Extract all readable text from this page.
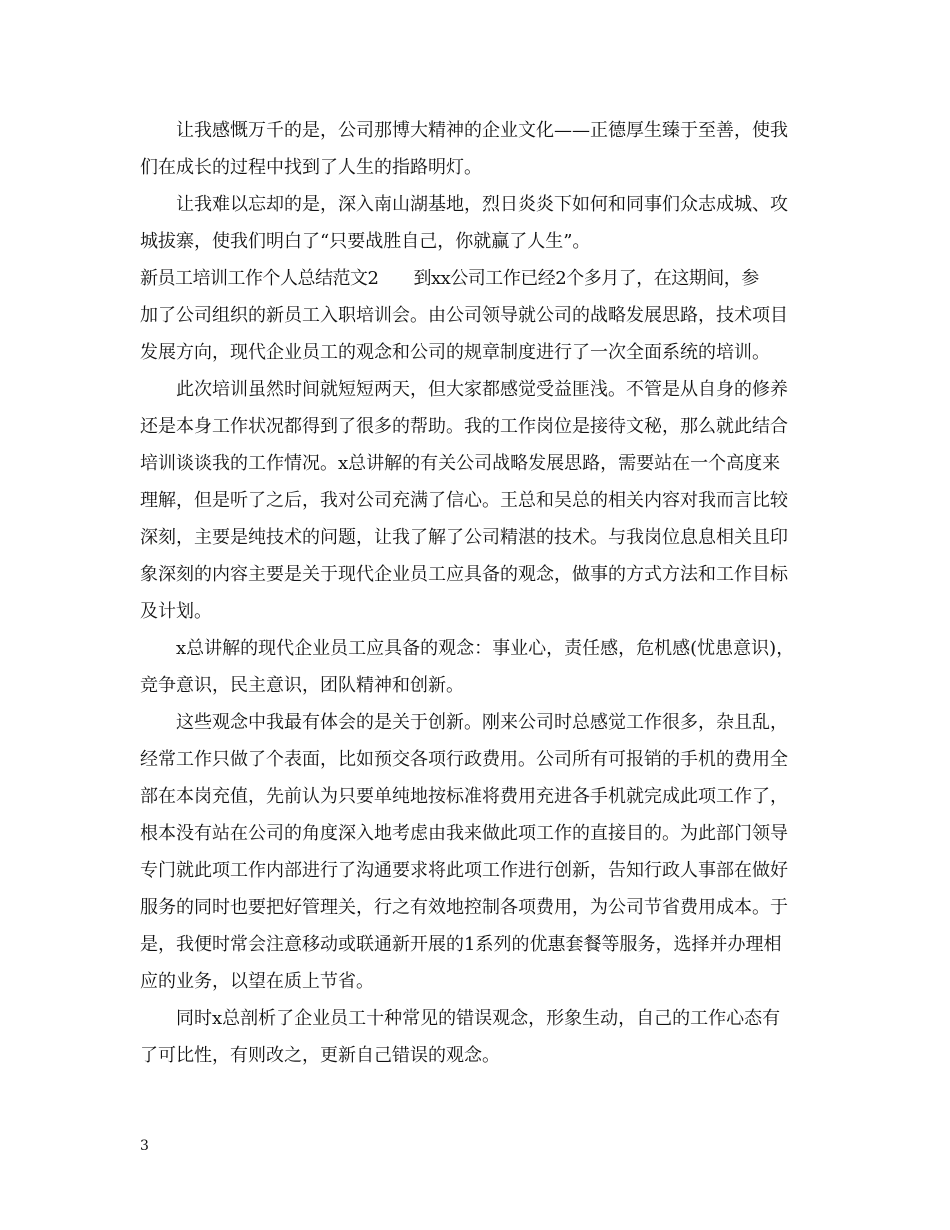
让我感慨万千的是，公司那博大精神的企业文化——正德厚生臻于至善，使我
们在成长的过程中找到了人生的指路明灯。
让我难以忘却的是，深入南山湖基地，烈日炎炎下如何和同事们众志成城、攻
城拔寨，使我们明白了“只要战胜自己，你就赢了人生”。
新员工培训工作个人总结范文2　　到xx公司工作已经2个多月了，在这期间，参
加了公司组织的新员工入职培训会。由公司领导就公司的战略发展思路，技术项目
发展方向，现代企业员工的观念和公司的规章制度进行了一次全面系统的培训。
此次培训虽然时间就短短两天，但大家都感觉受益匪浅。不管是从自身的修养
还是本身工作状况都得到了很多的帮助。我的工作岗位是接待文秘，那么就此结合
培训谈谈我的工作情况。x总讲解的有关公司战略发展思路，需要站在一个高度来
理解，但是听了之后，我对公司充满了信心。王总和吴总的相关内容对我而言比较
深刻，主要是纯技术的问题，让我了解了公司精湛的技术。与我岗位息息相关且印
象深刻的内容主要是关于现代企业员工应具备的观念，做事的方式方法和工作目标
及计划。
x总讲解的现代企业员工应具备的观念：事业心，责任感，危机感(忧患意识)，
竞争意识，民主意识，团队精神和创新。
这些观念中我最有体会的是关于创新。刚来公司时总感觉工作很多，杂且乱，
经常工作只做了个表面，比如预交各项行政费用。公司所有可报销的手机的费用全
部在本岗充值，先前认为只要单纯地按标准将费用充进各手机就完成此项工作了，
根本没有站在公司的角度深入地考虑由我来做此项工作的直接目的。为此部门领导
专门就此项工作内部进行了沟通要求将此项工作进行创新，告知行政人事部在做好
服务的同时也要把好管理关，行之有效地控制各项费用，为公司节省费用成本。于
是，我便时常会注意移动或联通新开展的1系列的优惠套餐等服务，选择并办理相
应的业务，以望在质上节省。
同时x总剖析了企业员工十种常见的错误观念，形象生动，自己的工作心态有
了可比性，有则改之，更新自己错误的观念。
3
